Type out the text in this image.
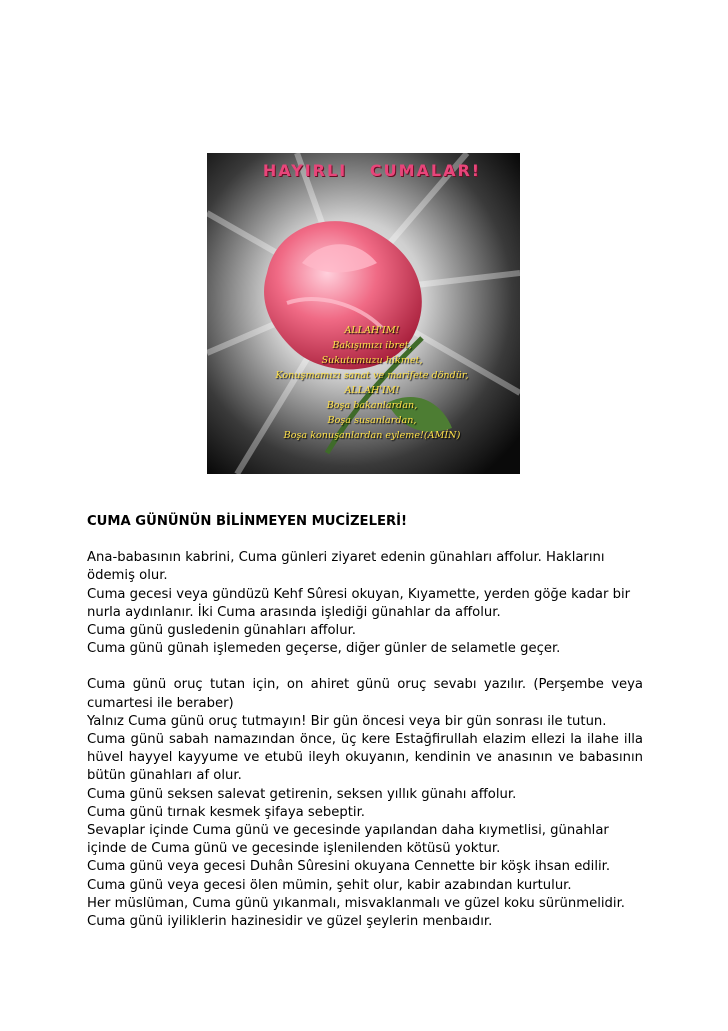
HAYIRLI   CUMALAR!
ALLAH'IM!
Bakışımızı ibret,
Sukutumuzu hikmet,
Konuşmamızı sanat ve marifete döndür,
ALLAH'IM!
Boşa bakanlardan,
Boşa susanlardan,
Boşa konuşanlardan eyleme!(AMİN)
CUMA GÜNÜNÜN BİLİNMEYEN MUCİZELERİ!

Ana-babasının kabrini, Cuma günleri ziyaret edenin günahları affolur. Haklarını ödemiş olur.

Cuma gecesi veya gündüzü Kehf Sûresi okuyan, Kıyamette, yerden göğe kadar bir nurla aydınlanır. İki Cuma arasında işlediği günahlar da affolur.

Cuma günü gusledenin günahları affolur.

Cuma günü günah işlemeden geçerse, diğer günler de selametle geçer.

Cuma günü oruç tutan için, on ahiret günü oruç sevabı yazılır. (Perşembe veya cumartesi ile beraber)

Yalnız Cuma günü oruç tutmayın! Bir gün öncesi veya bir gün sonrası ile tutun.

Cuma günü sabah namazından önce, üç kere Estağfirullah elazim ellezi la ilahe illa hüvel hayyel kayyume ve etubü ileyh okuyanın, kendinin ve anasının ve babasının bütün günahları af olur.

Cuma günü seksen salevat getirenin, seksen yıllık günahı affolur.

Cuma günü tırnak kesmek şifaya sebeptir.

Sevaplar içinde Cuma günü ve gecesinde yapılandan daha kıymetlisi, günahlar içinde de Cuma günü ve gecesinde işlenilenden kötüsü yoktur.

Cuma günü veya gecesi Duhân Sûresini okuyana Cennette bir köşk ihsan edilir.

Cuma günü veya gecesi ölen mümin, şehit olur, kabir azabından kurtulur.

Her müslüman, Cuma günü yıkanmalı, misvaklanmalı ve güzel koku sürünmelidir.

Cuma günü iyiliklerin hazinesidir ve güzel şeylerin menbaıdır.
